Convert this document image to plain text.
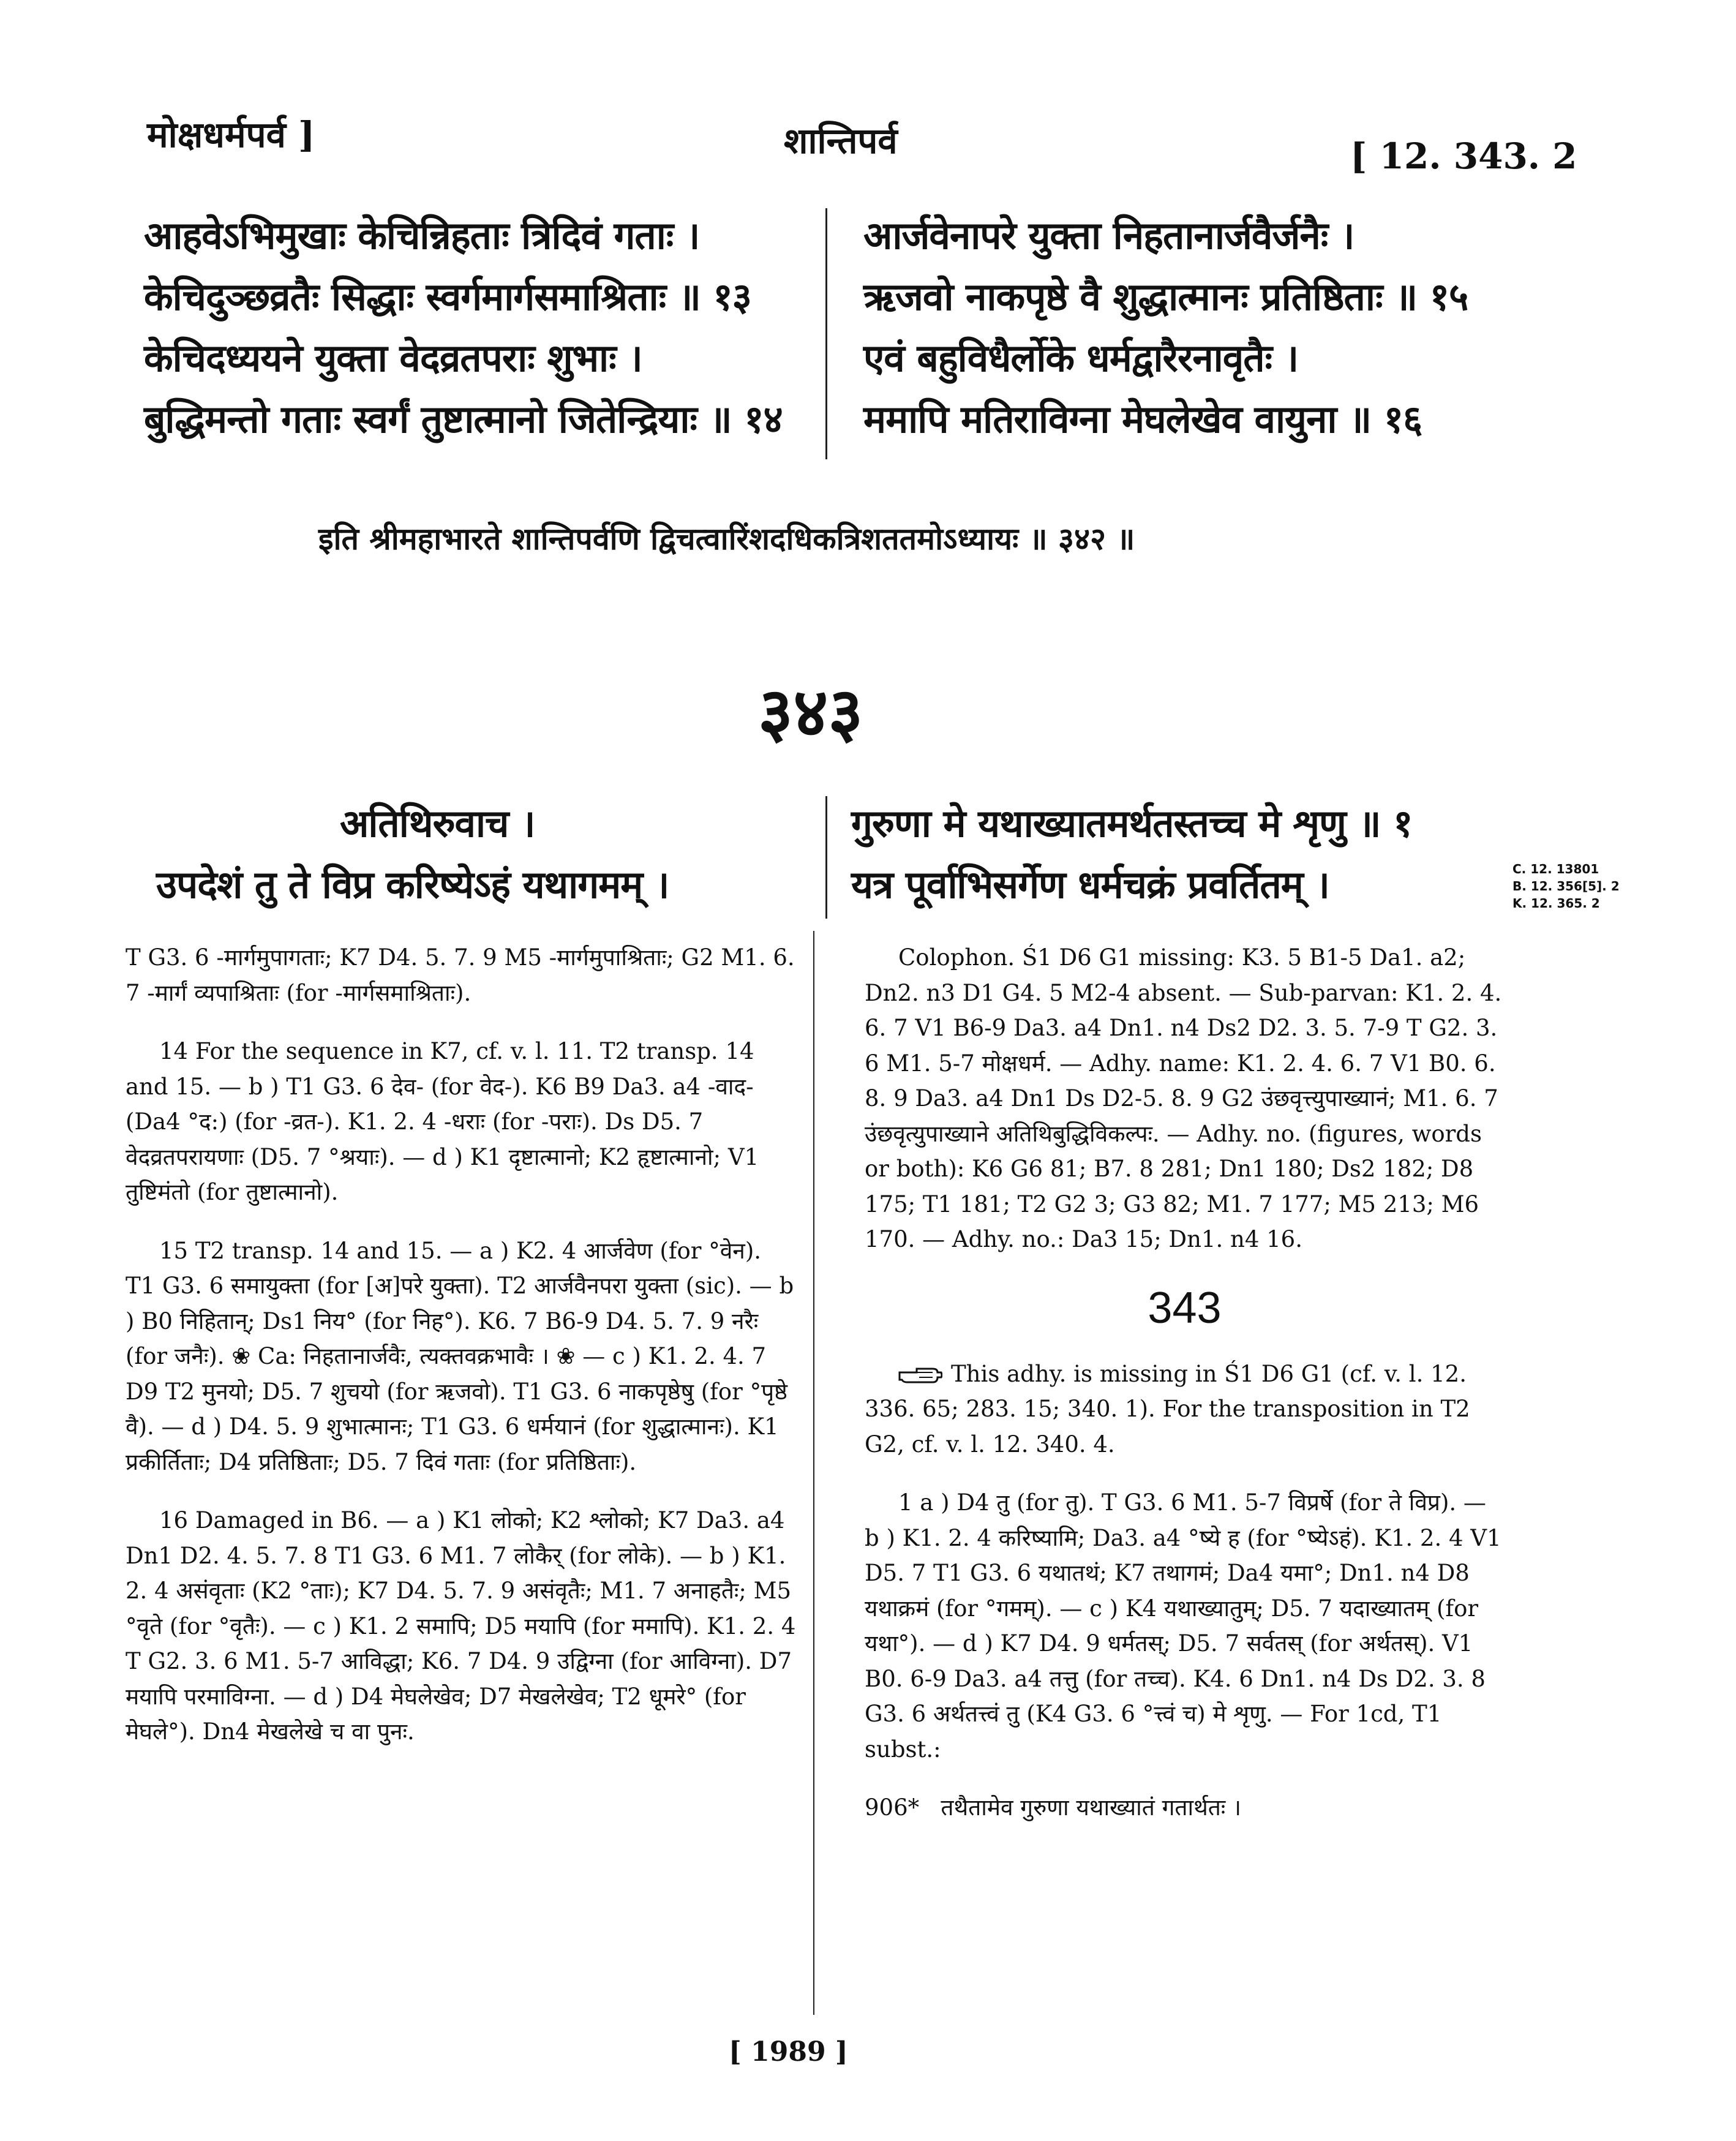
मोक्षधर्मपर्व ]	शान्तिपर्व	[ 12. 343. 2
आहवेऽभिमुखाः केचिन्निहताः त्रिदिवं गताः ।
केचिदुञ्छव्रतैः सिद्धाः स्वर्गमार्गसमाश्रिताः ॥ १३
केचिदध्ययने युक्ता वेदव्रतपराः शुभाः ।
बुद्धिमन्तो गताः स्वर्गं तुष्टात्मानो जितेन्द्रियाः ॥ १४
आर्जवेनापरे युक्ता निहतानार्जवैर्जनैः ।
ऋजवो नाकपृष्ठे वै शुद्धात्मानः प्रतिष्ठिताः ॥ १५
एवं बहुविधैर्लोके धर्मद्वारैरनावृतैः ।
ममापि मतिराविग्ना मेघलेखेव वायुना ॥ १६
इति श्रीमहाभारते शान्तिपर्वणि द्विचत्वारिंशदधिकत्रिशततमोऽध्यायः ॥ ३४२ ॥
३४३
अतिथिरुवाच ।
उपदेशं तु ते विप्र करिष्येऽहं यथागमम् ।
गुरुणा मे यथाख्यातमर्थतस्तच्च मे शृणु ॥ १
यत्र पूर्वाभिसर्गेण धर्मचक्रं प्रवर्तितम् ।	C. 12. 13801
B. 12. 356[5]. 2
K. 12. 365. 2

T G3. 6 -मार्गमुपागताः; K7 D4. 5. 7. 9 M5 -मार्गमुपाश्रिताः; G2 M1. 6. 7 -मार्गं व्यपाश्रिताः (for -मार्गसमाश्रिताः).

14 For the sequence in K7, cf. v. l. 11. T2 transp. 14 and 15. — b ) T1 G3. 6 देव- (for वेद-). K6 B9 Da3. a4 -वाद- (Da4 °द:) (for -व्रत-). K1. 2. 4 -धराः (for -पराः). Ds D5. 7 वेदव्रतपरायणाः (D5. 7 °श्रयाः). — d ) K1 दृष्टात्मानो; K2 हृष्टात्मानो; V1 तुष्टिमंतो (for तुष्टात्मानो).

15 T2 transp. 14 and 15. — a ) K2. 4 आर्जवेण (for °वेन). T1 G3. 6 समायुक्ता (for [अ]परे युक्ता). T2 आर्जवैनपरा युक्ता (sic). — b ) B0 निहितान्; Ds1 निय° (for निह°). K6. 7 B6-9 D4. 5. 7. 9 नरैः (for जनैः). ❀ Ca: निहतानार्जवैः, त्यक्तवक्रभावैः । ❀ — c ) K1. 2. 4. 7 D9 T2 मुनयो; D5. 7 शुचयो (for ऋजवो). T1 G3. 6 नाकपृष्ठेषु (for °पृष्ठे वै). — d ) D4. 5. 9 शुभात्मानः; T1 G3. 6 धर्मयानं (for शुद्धात्मानः). K1 प्रकीर्तिताः; D4 प्रतिष्ठिताः; D5. 7 दिवं गताः (for प्रतिष्ठिताः).

16 Damaged in B6. — a ) K1 लोको; K2 श्लोको; K7 Da3. a4 Dn1 D2. 4. 5. 7. 8 T1 G3. 6 M1. 7 लोकैर् (for लोके). — b ) K1. 2. 4 असंवृताः (K2 °ताः); K7 D4. 5. 7. 9 असंवृतैः; M1. 7 अनाहतैः; M5 °वृते (for °वृतैः). — c ) K1. 2 समापि; D5 मयापि (for ममापि). K1. 2. 4 T G2. 3. 6 M1. 5-7 आविद्धा; K6. 7 D4. 9 उद्विग्ना (for आविग्ना). D7 मयापि परमाविग्ना. — d ) D4 मेघलेखेव; D7 मेखलेखेव; T2 धूमरे° (for मेघले°). Dn4 मेखलेखे च वा पुनः.

Colophon. Ś1 D6 G1 missing: K3. 5 B1-5 Da1. a2; Dn2. n3 D1 G4. 5 M2-4 absent. — Sub-parvan: K1. 2. 4. 6. 7 V1 B6-9 Da3. a4 Dn1. n4 Ds2 D2. 3. 5. 7-9 T G2. 3. 6 M1. 5-7 मोक्षधर्म. — Adhy. name: K1. 2. 4. 6. 7 V1 B0. 6. 8. 9 Da3. a4 Dn1 Ds D2-5. 8. 9 G2 उंछवृत्त्युपाख्यानं; M1. 6. 7 उंछवृत्युपाख्याने अतिथिबुद्धिविकल्पः. — Adhy. no. (figures, words or both): K6 G6 81; B7. 8 281; Dn1 180; Ds2 182; D8 175; T1 181; T2 G2 3; G3 82; M1. 7 177; M5 213; M6 170. — Adhy. no.: Da3 15; Dn1. n4 16.

343

This adhy. is missing in Ś1 D6 G1 (cf. v. l. 12. 336. 65; 283. 15; 340. 1). For the transposition in T2 G2, cf. v. l. 12. 340. 4.

1 a ) D4 तु (for तु). T G3. 6 M1. 5-7 विप्रर्षे (for ते विप्र). — b ) K1. 2. 4 करिष्यामि; Da3. a4 °ष्ये ह (for °ष्येऽहं). K1. 2. 4 V1 D5. 7 T1 G3. 6 यथातथं; K7 तथागमं; Da4 यमा°; Dn1. n4 D8 यथाक्रमं (for °गमम्). — c ) K4 यथाख्यातुम्; D5. 7 यदाख्यातम् (for यथा°). — d ) K7 D4. 9 धर्मतस्; D5. 7 सर्वतस् (for अर्थतस्). V1 B0. 6-9 Da3. a4 तत्तु (for तच्च). K4. 6 Dn1. n4 Ds D2. 3. 8 G3. 6 अर्थतत्त्वं तु (K4 G3. 6 °त्त्वं च) मे शृणु. — For 1cd, T1 subst.:

906* तथैतामेव गुरुणा यथाख्यातं गतार्थतः ।

[ 1989 ]
